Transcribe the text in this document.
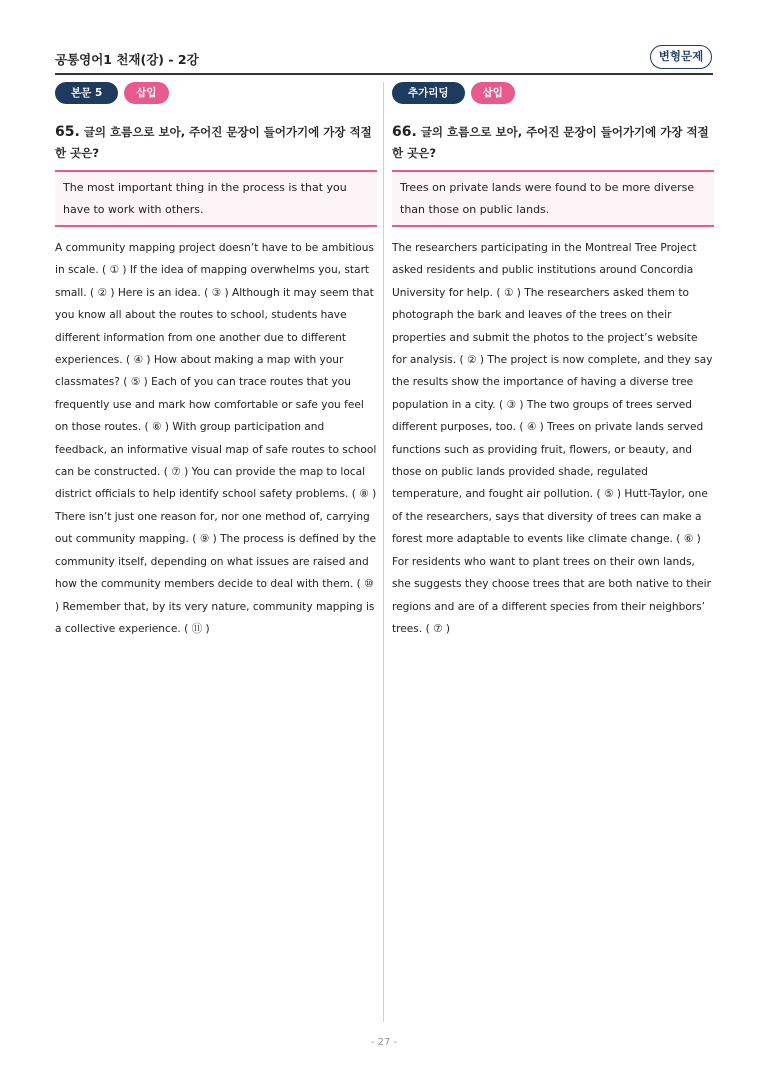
공통영어1 천재(강) - 2강	변형문제
본문 5	삽입
65. 글의 흐름으로 보아, 주어진 문장이 들어가기에 가장 적절한 곳은?
The most important thing in the process is that you have to work with others.
A community mapping project doesn’t have to be ambitious in scale. ( ① ) If the idea of mapping overwhelms you, start small. ( ② ) Here is an idea. ( ③ ) Although it may seem that you know all about the routes to school, students have different information from one another due to different experiences. ( ④ ) How about making a map with your classmates? ( ⑤ ) Each of you can trace routes that you frequently use and mark how comfortable or safe you feel on those routes. ( ⑥ ) With group participation and feedback, an informative visual map of safe routes to school can be constructed. ( ⑦ ) You can provide the map to local district officials to help identify school safety problems. ( ⑧ ) There isn’t just one reason for, nor one method of, carrying out community mapping. ( ⑨ ) The process is defined by the community itself, depending on what issues are raised and how the community members decide to deal with them. ( ⑩ ) Remember that, by its very nature, community mapping is a collective experience. ( ⑪ )
추가리딩	삽입
66. 글의 흐름으로 보아, 주어진 문장이 들어가기에 가장 적절한 곳은?
Trees on private lands were found to be more diverse than those on public lands.
The researchers participating in the Montreal Tree Project asked residents and public institutions around Concordia University for help. ( ① ) The researchers asked them to photograph the bark and leaves of the trees on their properties and submit the photos to the project’s website for analysis. ( ② ) The project is now complete, and they say the results show the importance of having a diverse tree population in a city. ( ③ ) The two groups of trees served different purposes, too. ( ④ ) Trees on private lands served functions such as providing fruit, flowers, or beauty, and those on public lands provided shade, regulated temperature, and fought air pollution. ( ⑤ ) Hutt-Taylor, one of the researchers, says that diversity of trees can make a forest more adaptable to events like climate change. ( ⑥ ) For residents who want to plant trees on their own lands, she suggests they choose trees that are both native to their regions and are of a different species from their neighbors’ trees. ( ⑦ )
- 27 -
